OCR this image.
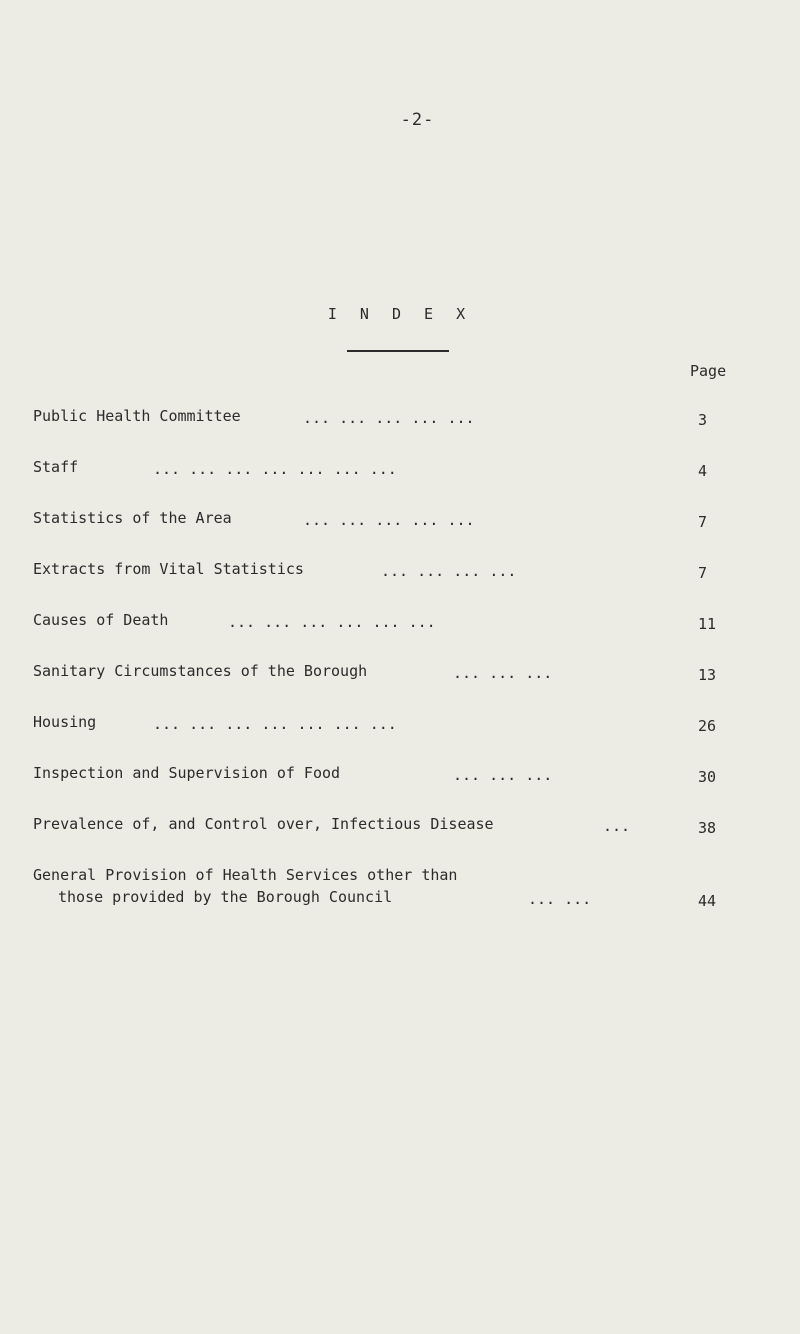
-2-
I N D E X
Page
Public Health Committee	... ... ... ... ...	3
Staff	... ... ... ... ... ... ...	4
Statistics of the Area	... ... ... ... ...	7
Extracts from Vital Statistics	... ... ... ...	7
Causes of Death	... ... ... ... ... ...	11
Sanitary Circumstances of the Borough	... ... ...	13
Housing	... ... ... ... ... ... ...	26
Inspection and Supervision of Food	... ... ...	30
Prevalence of, and Control over, Infectious Disease	...	38
General Provision of Health Services other than
those provided by the Borough Council	... ...	44
